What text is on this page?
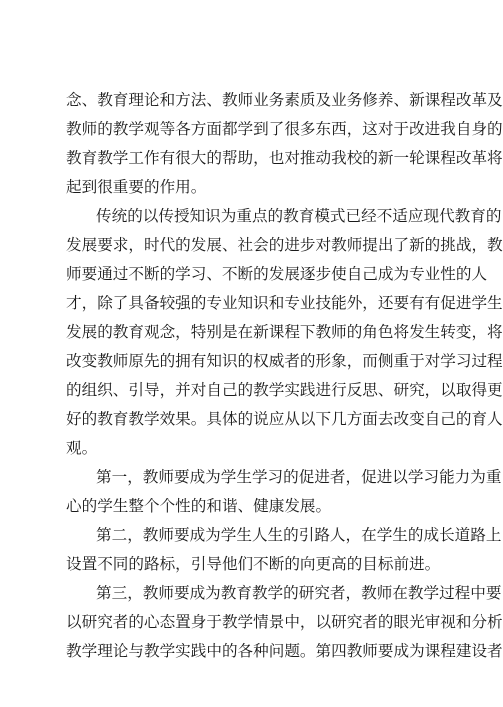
念、教育理论和方法、教师业务素质及业务修养、新课程改革及
教师的教学观等各方面都学到了很多东西，这对于改进我自身的
教育教学工作有很大的帮助，也对推动我校的新一轮课程改革将
起到很重要的作用。
传统的以传授知识为重点的教育模式已经不适应现代教育的
发展要求，时代的发展、社会的进步对教师提出了新的挑战，教
师要通过不断的学习、不断的发展逐步使自己成为专业性的人
才，除了具备较强的专业知识和专业技能外，还要有有促进学生
发展的教育观念，特别是在新课程下教师的角色将发生转变，将
改变教师原先的拥有知识的权威者的形象，而侧重于对学习过程
的组织、引导，并对自己的教学实践进行反思、研究，以取得更
好的教育教学效果。具体的说应从以下几方面去改变自己的育人
观。
第一，教师要成为学生学习的促进者，促进以学习能力为重
心的学生整个个性的和谐、健康发展。
第二，教师要成为学生人生的引路人，在学生的成长道路上
设置不同的路标，引导他们不断的向更高的目标前进。
第三，教师要成为教育教学的研究者，教师在教学过程中要
以研究者的心态置身于教学情景中，以研究者的眼光审视和分析
教学理论与教学实践中的各种问题。第四教师要成为课程建设者
